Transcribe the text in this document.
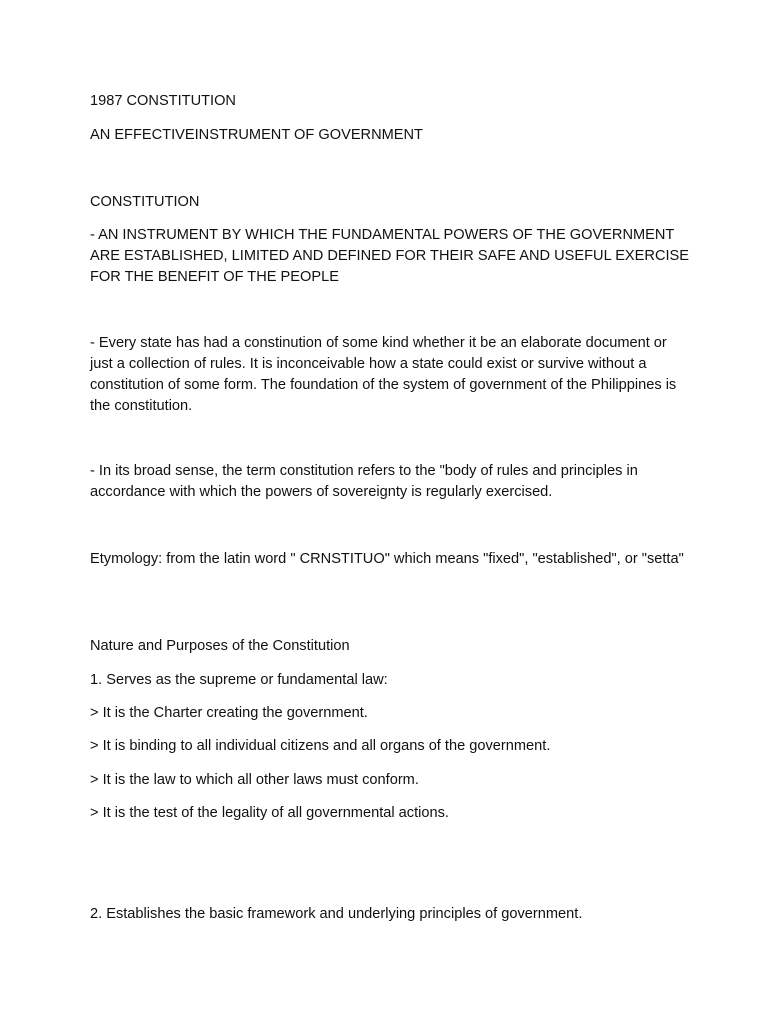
1987 CONSTITUTION

AN EFFECTIVEINSTRUMENT OF GOVERNMENT

CONSTITUTION

- AN INSTRUMENT BY WHICH THE FUNDAMENTAL POWERS OF THE GOVERNMENT ARE ESTABLISHED, LIMITED AND DEFINED FOR THEIR SAFE AND USEFUL EXERCISE FOR THE BENEFIT OF THE PEOPLE

- Every state has had a constinution of some kind whether it be an elaborate document or just a collection of rules. It is inconceivable how a state could exist or survive without a constitution of some form. The foundation of the system of government of the Philippines is the constitution.

- In its broad sense, the term constitution refers to the "body of rules and principles in accordance with which the powers of sovereignty is regularly exercised.

Etymology: from the latin word " CRNSTITUO" which means "fixed", "established", or "setta"

Nature and Purposes of the Constitution

1. Serves as the supreme or fundamental law:

> It is the Charter creating the government.

> It is binding to all individual citizens and all organs of the government.

> It is the law to which all other laws must conform.

> It is the test of the legality of all governmental actions.

2. Establishes the basic framework and underlying principles of government.
